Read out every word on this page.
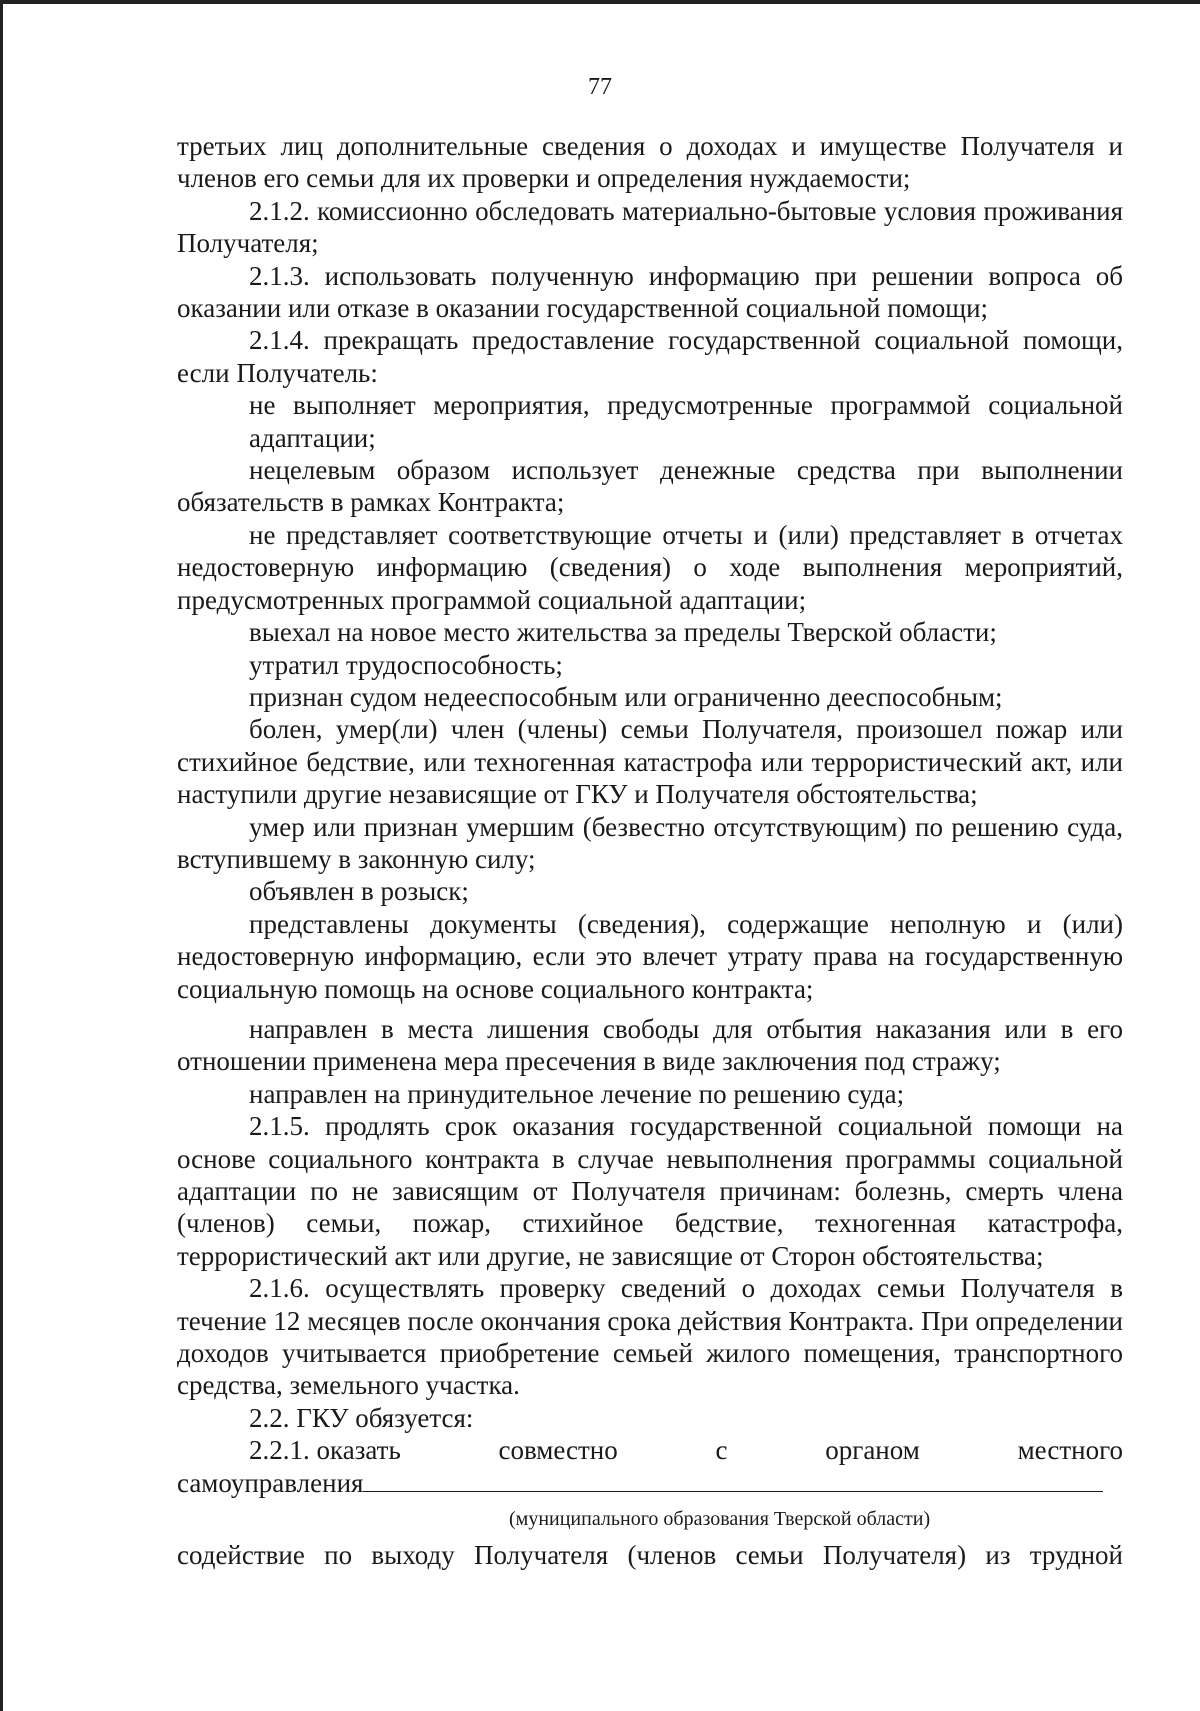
77

третьих лиц дополнительные сведения о доходах и имуществе Получателя и членов его семьи для их проверки и определения нуждаемости;

2.1.2. комиссионно обследовать материально-бытовые условия проживания Получателя;

2.1.3. использовать полученную информацию при решении вопроса об оказании или отказе в оказании государственной социальной помощи;

2.1.4. прекращать предоставление государственной социальной помощи, если Получатель:

не выполняет мероприятия, предусмотренные программой социальной адаптации;

нецелевым образом использует денежные средства при выполнении обязательств в рамках Контракта;

не представляет соответствующие отчеты и (или) представляет в отчетах недостоверную информацию (сведения) о ходе выполнения мероприятий, предусмотренных программой социальной адаптации;

выехал на новое место жительства за пределы Тверской области;

утратил трудоспособность;

признан судом недееспособным или ограниченно дееспособным;

болен, умер(ли) член (члены) семьи Получателя, произошел пожар или стихийное бедствие, или техногенная катастрофа или террористический акт, или наступили другие независящие от ГКУ и Получателя обстоятельства;

умер или признан умершим (безвестно отсутствующим) по решению суда, вступившему в законную силу;

объявлен в розыск;

представлены документы (сведения), содержащие неполную и (или) недостоверную информацию, если это влечет утрату права на государственную социальную помощь на основе социального контракта;

направлен в места лишения свободы для отбытия наказания или в его отношении применена мера пресечения в виде заключения под стражу;

направлен на принудительное лечение по решению суда;

2.1.5. продлять срок оказания государственной социальной помощи на основе социального контракта в случае невыполнения программы социальной адаптации по не зависящим от Получателя причинам: болезнь, смерть члена (членов) семьи, пожар, стихийное бедствие, техногенная катастрофа, террористический акт или другие, не зависящие от Сторон обстоятельства;

2.1.6. осуществлять проверку сведений о доходах семьи Получателя в течение 12 месяцев после окончания срока действия Контракта. При определении доходов учитывается приобретение семьей жилого помещения, транспортного средства, земельного участка.

2.2. ГКУ обязуется:

2.2.1. оказать	совместно	с	органом	местного
самоуправления

(муниципального образования Тверской области)

содействие по выходу Получателя (членов семьи Получателя) из трудной
